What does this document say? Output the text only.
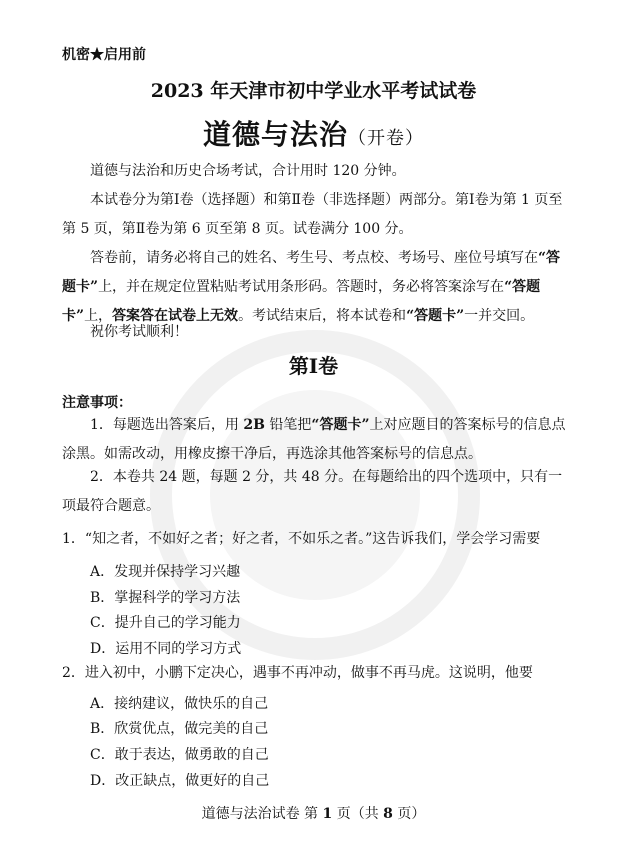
机密★启用前
2023 年天津市初中学业水平考试试卷
道德与法治（开卷）
道德与法治和历史合场考试，合计用时 120 分钟。
本试卷分为第Ⅰ卷（选择题）和第Ⅱ卷（非选择题）两部分。第Ⅰ卷为第 1 页至第 5 页，第Ⅱ卷为第 6 页至第 8 页。试卷满分 100 分。
答卷前，请务必将自己的姓名、考生号、考点校、考场号、座位号填写在“答题卡”上，并在规定位置粘贴考试用条形码。答题时，务必将答案涂写在“答题卡”上，答案答在试卷上无效。考试结束后，将本试卷和“答题卡”一并交回。
祝你考试顺利！
第Ⅰ卷
注意事项：
1．每题选出答案后，用 2B 铅笔把“答题卡”上对应题目的答案标号的信息点涂黑。如需改动，用橡皮擦干净后，再选涂其他答案标号的信息点。
2．本卷共 24 题，每题 2 分，共 48 分。在每题给出的四个选项中，只有一项最符合题意。
1．“知之者，不如好之者；好之者，不如乐之者。”这告诉我们，学会学习需要
A．发现并保持学习兴趣
B．掌握科学的学习方法
C．提升自己的学习能力
D．运用不同的学习方式
2．进入初中，小鹏下定决心，遇事不再冲动，做事不再马虎。这说明，他要
A．接纳建议，做快乐的自己
B．欣赏优点，做完美的自己
C．敢于表达，做勇敢的自己
D．改正缺点，做更好的自己
道德与法治试卷 第 1 页（共 8 页）
